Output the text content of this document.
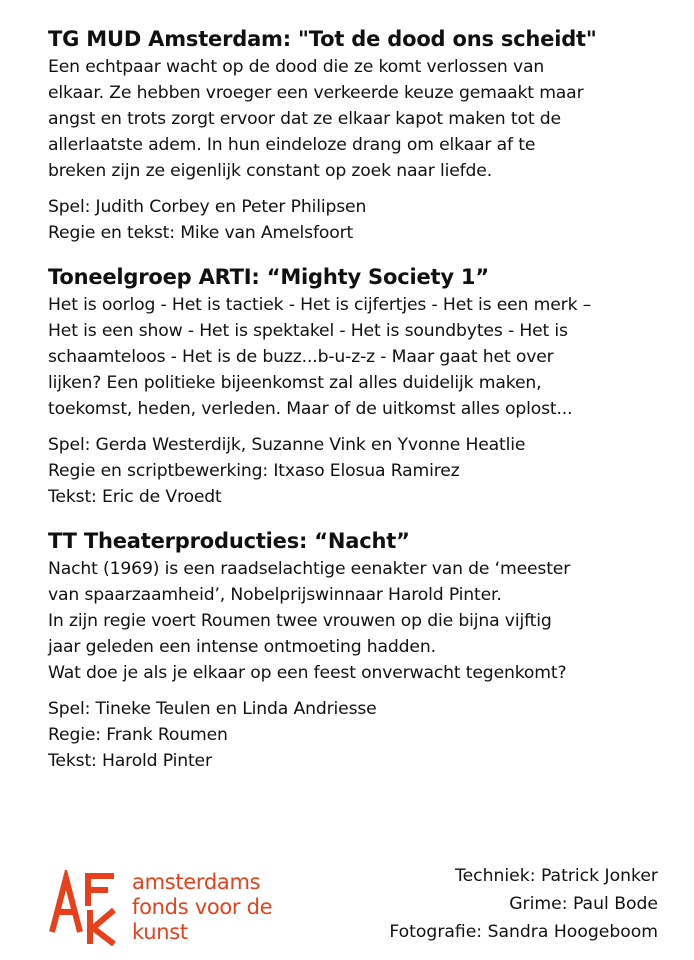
TG MUD Amsterdam: "Tot de dood ons scheidt"
Een echtpaar wacht op de dood die ze komt verlossen van
elkaar. Ze hebben vroeger een verkeerde keuze gemaakt maar
angst en trots zorgt ervoor dat ze elkaar kapot maken tot de
allerlaatste adem. In hun eindeloze drang om elkaar af te
breken zijn ze eigenlijk constant op zoek naar liefde.
Spel: Judith Corbey en Peter Philipsen
Regie en tekst: Mike van Amelsfoort
Toneelgroep ARTI: “Mighty Society 1”
Het is oorlog - Het is tactiek - Het is cijfertjes - Het is een merk –
Het is een show - Het is spektakel - Het is soundbytes - Het is
schaamteloos - Het is de buzz...b-u-z-z - Maar gaat het over
lijken? Een politieke bijeenkomst zal alles duidelijk maken,
toekomst, heden, verleden. Maar of de uitkomst alles oplost...
Spel: Gerda Westerdijk, Suzanne Vink en Yvonne Heatlie
Regie en scriptbewerking: Itxaso Elosua Ramirez
Tekst: Eric de Vroedt
TT Theaterproducties: “Nacht”
Nacht (1969) is een raadselachtige eenakter van de ‘meester
van spaarzaamheid’, Nobelprijswinnaar Harold Pinter.
In zijn regie voert Roumen twee vrouwen op die bijna vijftig
jaar geleden een intense ontmoeting hadden.
Wat doe je als je elkaar op een feest onverwacht tegenkomt?
Spel: Tineke Teulen en Linda Andriesse
Regie: Frank Roumen
Tekst: Harold Pinter
amsterdams
fonds voor de
kunst
Techniek: Patrick Jonker
Grime: Paul Bode
Fotografie: Sandra Hoogeboom
